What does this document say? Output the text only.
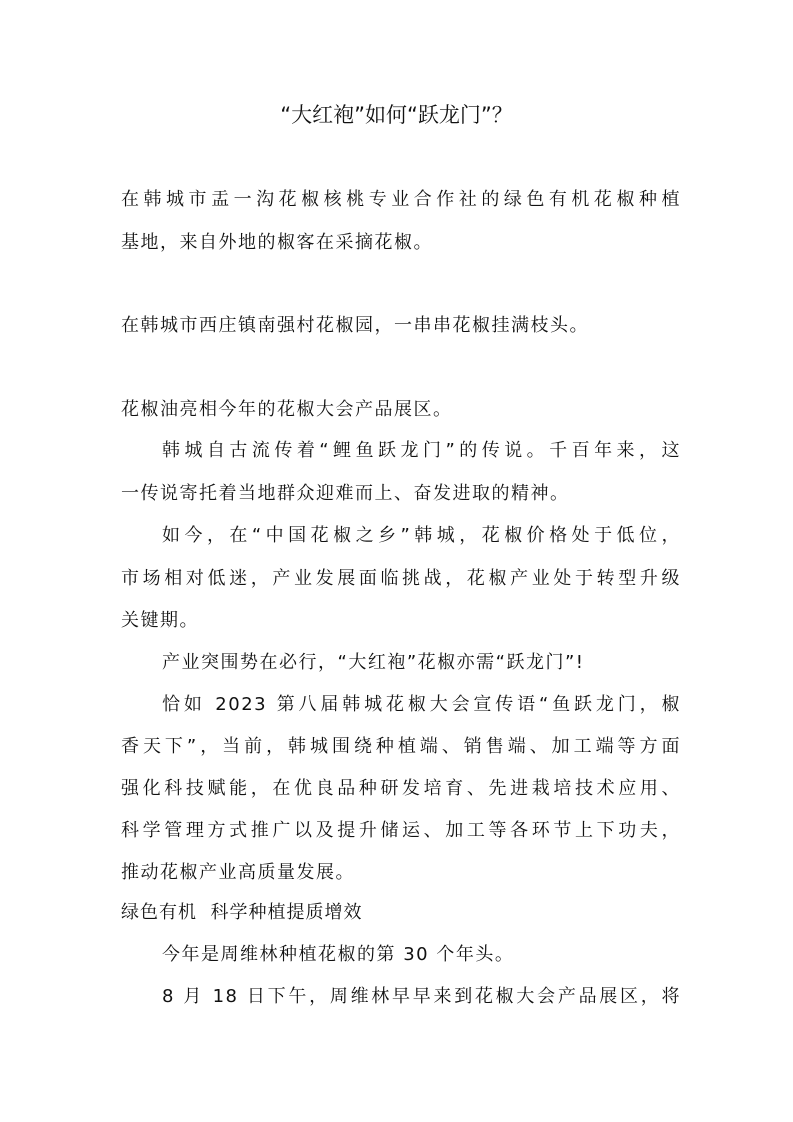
“大红袍”如何“跃龙门”？
在韩城市盂一沟花椒核桃专业合作社的绿色有机花椒种植
基地，来自外地的椒客在采摘花椒。
在韩城市西庄镇南强村花椒园，一串串花椒挂满枝头。
花椒油亮相今年的花椒大会产品展区。
韩城自古流传着“鲤鱼跃龙门”的传说。千百年来，这
一传说寄托着当地群众迎难而上、奋发进取的精神。
如今，在“中国花椒之乡”韩城，花椒价格处于低位，
市场相对低迷，产业发展面临挑战，花椒产业处于转型升级
关键期。
产业突围势在必行，“大红袍”花椒亦需“跃龙门”!
恰如 2023 第八届韩城花椒大会宣传语“鱼跃龙门，椒
香天下”，当前，韩城围绕种植端、销售端、加工端等方面
强化科技赋能，在优良品种研发培育、先进栽培技术应用、
科学管理方式推广以及提升储运、加工等各环节上下功夫，
推动花椒产业高质量发展。
绿色有机  科学种植提质增效
今年是周维林种植花椒的第 30 个年头。
8 月 18 日下午，周维林早早来到花椒大会产品展区，将
